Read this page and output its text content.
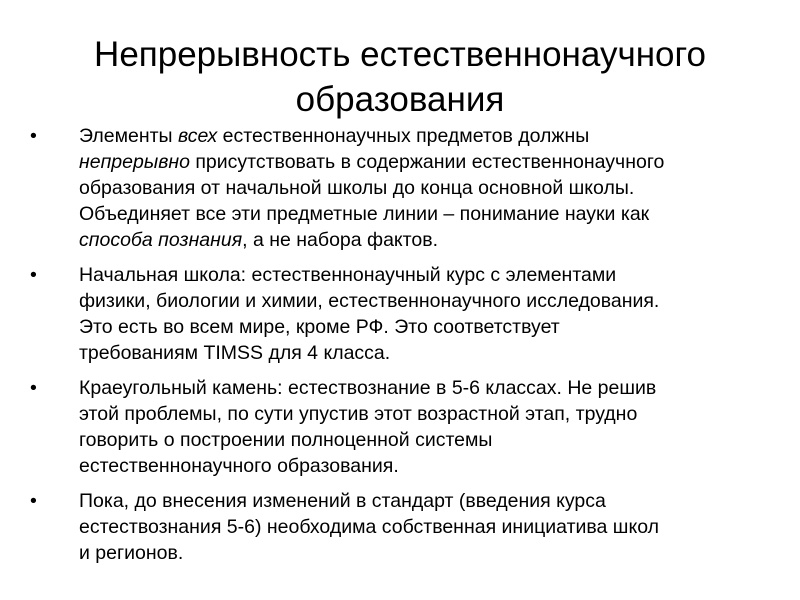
Непрерывность естественнонаучного
образования
•	Элементы всех естественнонаучных предметов должны
непрерывно присутствовать в содержании естественнонаучного
образования от начальной школы до конца основной школы.
Объединяет все эти предметные линии – понимание науки как
способа познания, а не набора фактов.
•	Начальная школа: естественнонаучный курс с элементами
физики, биологии и химии, естественнонаучного исследования.
Это есть во всем мире, кроме РФ. Это соответствует
требованиям TIMSS для 4 класса.
•	Краеугольный камень: естествознание в 5-6 классах. Не решив
этой проблемы, по сути упустив этот возрастной этап, трудно
говорить о построении полноценной системы
естественнонаучного образования.
•	Пока, до внесения изменений в стандарт (введения курса
естествознания 5-6) необходима собственная инициатива школ
и регионов.
